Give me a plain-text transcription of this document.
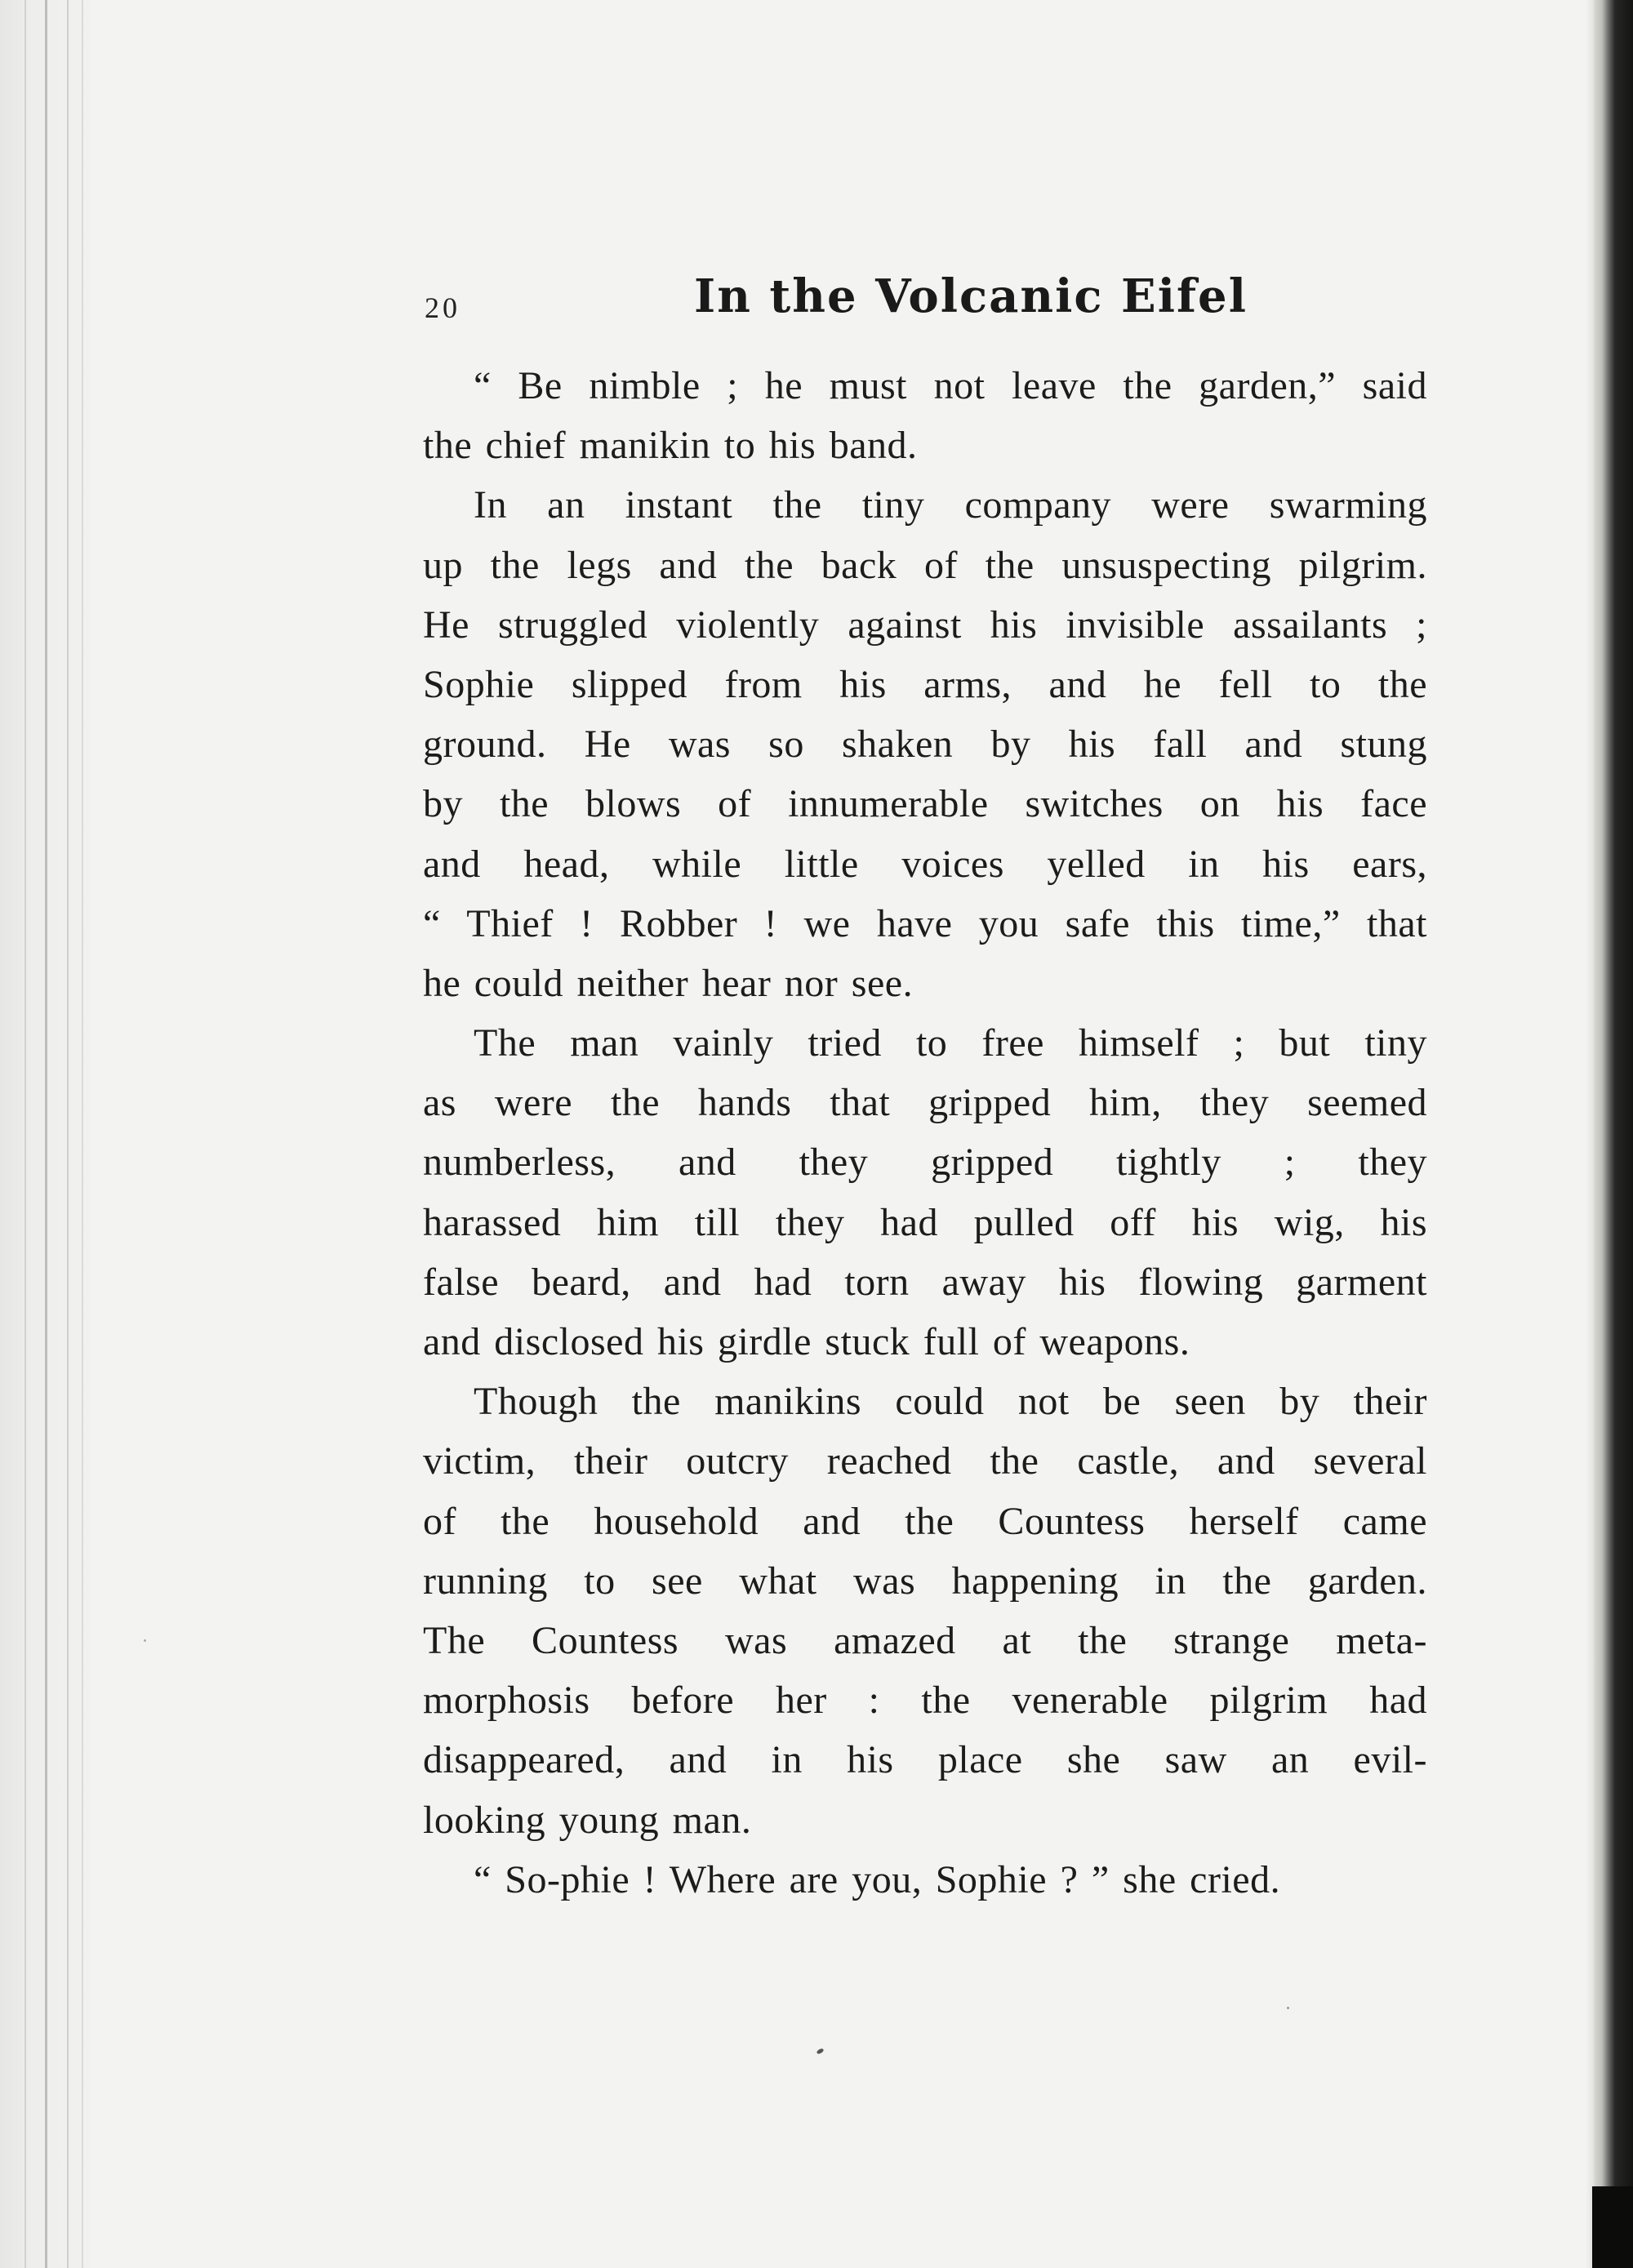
20	In the Volcanic Eifel
“ Be nimble ; he must not leave the garden,” said
the chief manikin to his band.
In an instant the tiny company were swarming
up the legs and the back of the unsuspecting pilgrim.
He struggled violently against his invisible assailants ;
Sophie slipped from his arms, and he fell to the
ground. He was so shaken by his fall and stung
by the blows of innumerable switches on his face
and head, while little voices yelled in his ears,
“ Thief ! Robber ! we have you safe this time,” that
he could neither hear nor see.
The man vainly tried to free himself ; but tiny
as were the hands that gripped him, they seemed
numberless, and they gripped tightly ; they
harassed him till they had pulled off his wig, his
false beard, and had torn away his flowing garment
and disclosed his girdle stuck full of weapons.
Though the manikins could not be seen by their
victim, their outcry reached the castle, and several
of the household and the Countess herself came
running to see what was happening in the garden.
The Countess was amazed at the strange meta-
morphosis before her : the venerable pilgrim had
disappeared, and in his place she saw an evil-
looking young man.
“ So-phie ! Where are you, Sophie ? ” she cried.
